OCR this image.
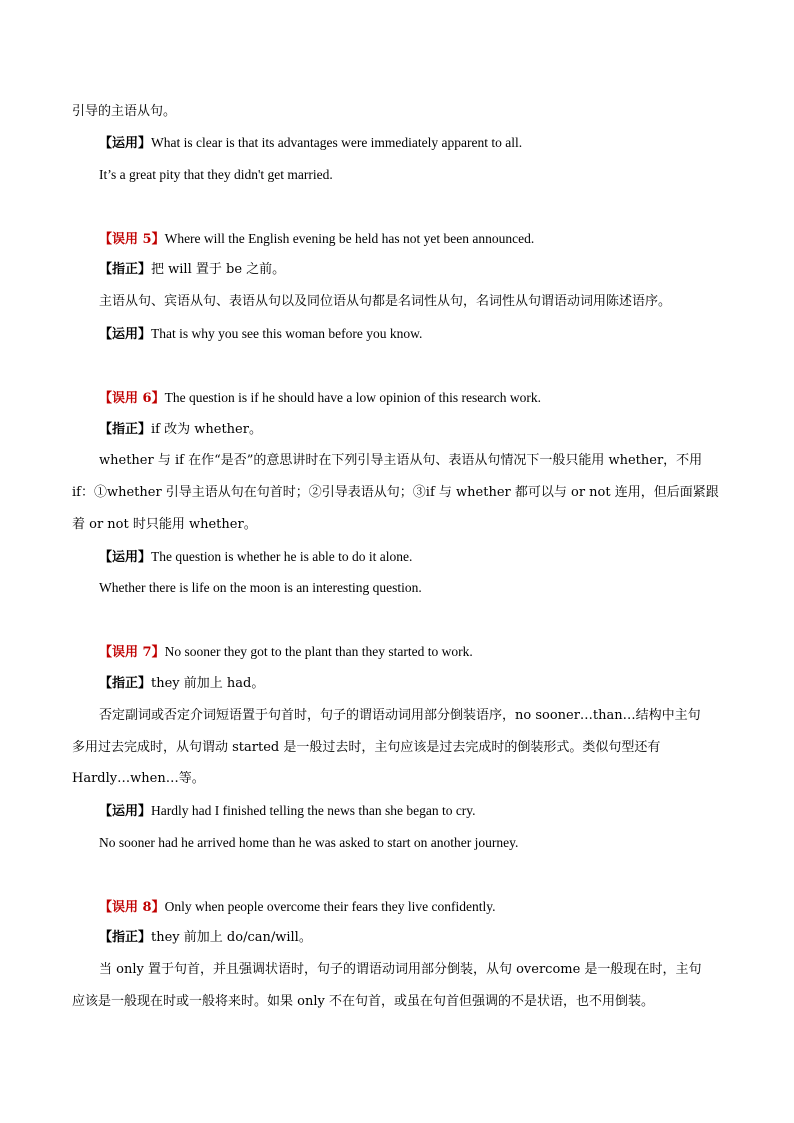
引导的主语从句。
【运用】What is clear is that its advantages were immediately apparent to all.
It’s a great pity that they didn't get married.
【误用 5】Where will the English evening be held has not yet been announced.
【指正】把 will 置于 be 之前。
主语从句、宾语从句、表语从句以及同位语从句都是名词性从句，名词性从句谓语动词用陈述语序。
【运用】That is why you see this woman before you know.
【误用 6】The question is if he should have a low opinion of this research work.
【指正】if 改为 whether。
whether 与 if 在作“是否”的意思讲时在下列引导主语从句、表语从句情况下一般只能用 whether，不用
if：①whether 引导主语从句在句首时；②引导表语从句；③if 与 whether 都可以与 or not 连用，但后面紧跟
着 or not 时只能用 whether。
【运用】The question is whether he is able to do it alone.
Whether there is life on the moon is an interesting question.
【误用 7】No sooner they got to the plant than they started to work.
【指正】they 前加上 had。
否定副词或否定介词短语置于句首时，句子的谓语动词用部分倒装语序，no sooner…than…结构中主句
多用过去完成时，从句谓动 started 是一般过去时，主句应该是过去完成时的倒装形式。类似句型还有
Hardly…when…等。
【运用】Hardly had I finished telling the news than she began to cry.
No sooner had he arrived home than he was asked to start on another journey.
【误用 8】Only when people overcome their fears they live confidently.
【指正】they 前加上 do/can/will。
当 only 置于句首，并且强调状语时，句子的谓语动词用部分倒装，从句 overcome 是一般现在时，主句
应该是一般现在时或一般将来时。如果 only 不在句首，或虽在句首但强调的不是状语，也不用倒装。
